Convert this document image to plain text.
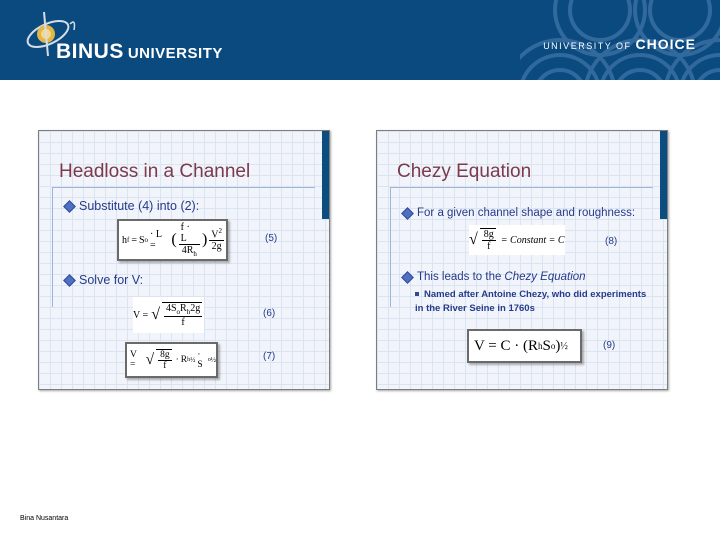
BINUS UNIVERSITY	UNIVERSITY OF CHOICE
Headloss in a Channel
Substitute (4) into (2):
h f = S o · L = ( $\frac{f \cdot L}{4R_h}$ ) $\frac{V^2}{2g}$	(5)
Solve for V:
V = √ $\frac{4S_oR_h2g}{f}$	(6)
V = √ $\frac{8g}{f} \cdot R$ h ½ · S o ½	(7)
Chezy Equation
For a given channel shape and roughness:
√ $\frac{8g}{f}$ = Constant = C	(8)
This leads to the Chezy Equation
Named after Antoine Chezy, who did experiments in the River Seine in 1760s
V = C · (R h S o ) ½	(9)
Bina Nusantara
